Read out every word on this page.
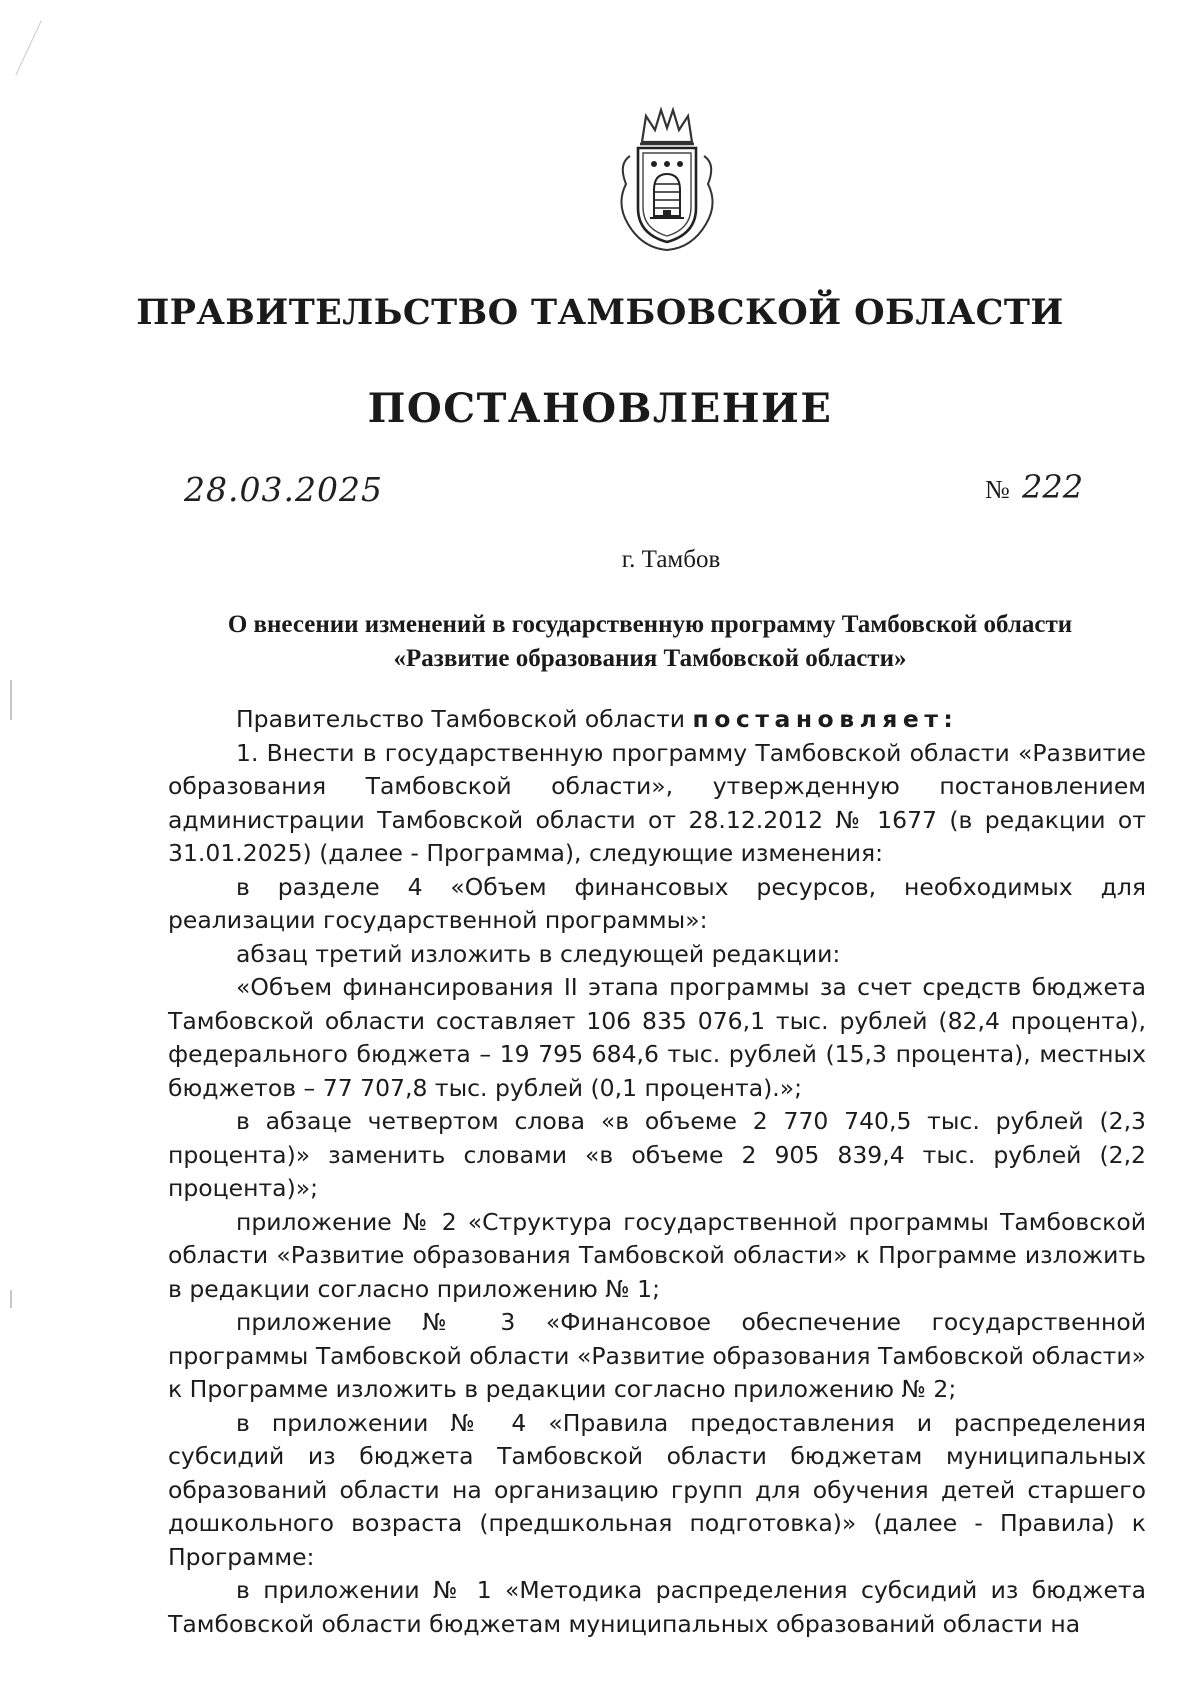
ПРАВИТЕЛЬСТВО ТАМБОВСКОЙ ОБЛАСТИ
ПОСТАНОВЛЕНИЕ
28.03.2025	№ 222
г. Тамбов
О внесении изменений в государственную программу Тамбовской области
«Развитие образования Тамбовской области»

Правительство Тамбовской области постановляет:

1. Внести в государственную программу Тамбовской области «Развитие образования Тамбовской области», утвержденную постановлением администрации Тамбовской области от 28.12.2012 № 1677 (в редакции от 31.01.2025) (далее - Программа), следующие изменения:

в разделе 4 «Объем финансовых ресурсов, необходимых для реализации государственной программы»:

абзац третий изложить в следующей редакции:

«Объем финансирования II этапа программы за счет средств бюджета Тамбовской области составляет 106 835 076,1 тыс. рублей (82,4 процента), федерального бюджета – 19 795 684,6 тыс. рублей (15,3 процента), местных бюджетов – 77 707,8 тыс. рублей (0,1 процента).»;

в абзаце четвертом слова «в объеме 2 770 740,5 тыс. рублей (2,3 процента)» заменить словами «в объеме 2 905 839,4 тыс. рублей (2,2 процента)»;

приложение № 2 «Структура государственной программы Тамбовской области «Развитие образования Тамбовской области» к Программе изложить в редакции согласно приложению № 1;

приложение № 3 «Финансовое обеспечение государственной программы Тамбовской области «Развитие образования Тамбовской области» к Программе изложить в редакции согласно приложению № 2;

в приложении № 4 «Правила предоставления и распределения субсидий из бюджета Тамбовской области бюджетам муниципальных образований области на организацию групп для обучения детей старшего дошкольного возраста (предшкольная подготовка)» (далее - Правила) к Программе:

в приложении № 1 «Методика распределения субсидий из бюджета Тамбовской области бюджетам муниципальных образований области на
